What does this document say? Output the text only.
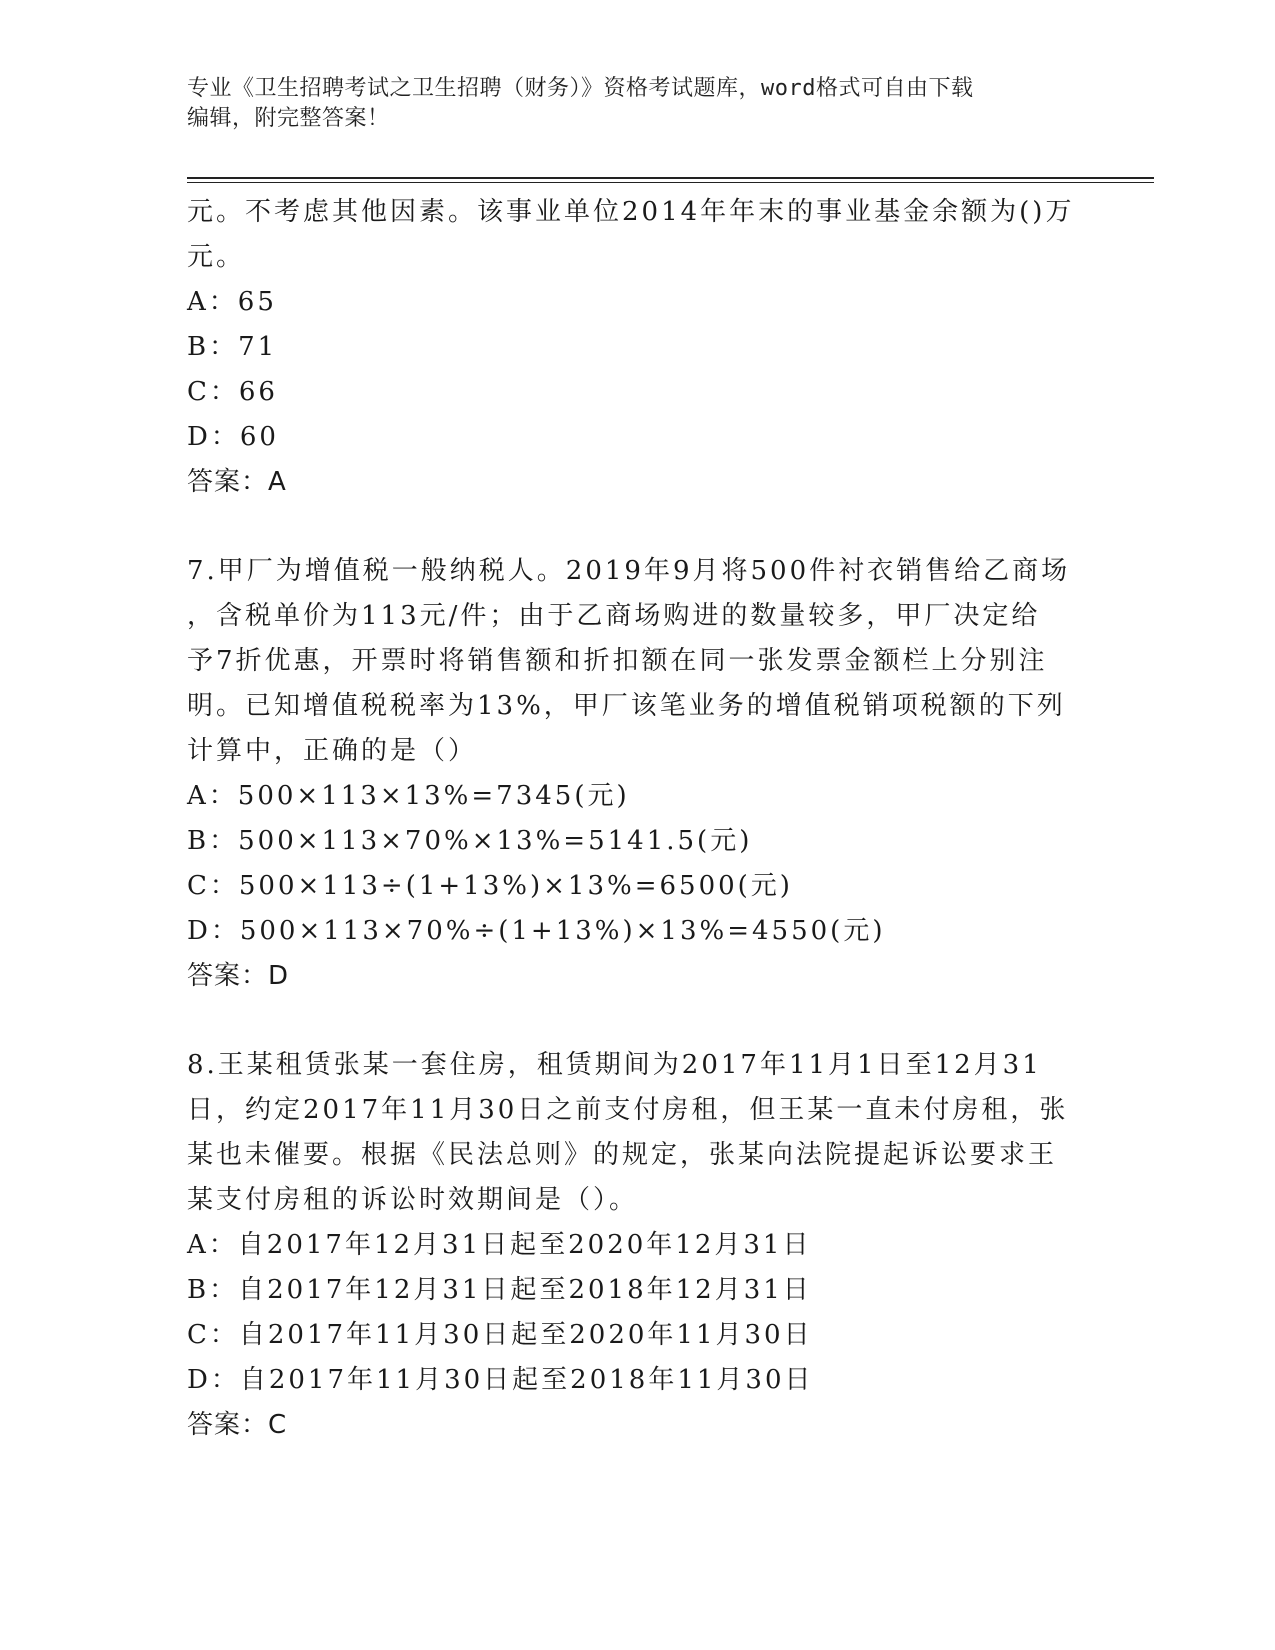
专业《卫生招聘考试之卫生招聘（财务）》资格考试题库，word格式可自由下载
编辑，附完整答案！
元。不考虑其他因素。该事业单位2014年年末的事业基金余额为()万
元。
A：65
B：71
C：66
D：60
答案：A
7.甲厂为增值税一般纳税人。2019年9月将500件衬衣销售给乙商场
，含税单价为113元/件；由于乙商场购进的数量较多，甲厂决定给
予7折优惠，开票时将销售额和折扣额在同一张发票金额栏上分别注
明。已知增值税税率为13%，甲厂该笔业务的增值税销项税额的下列
计算中，正确的是（）
A：500×113×13%=7345(元)
B：500×113×70%×13%=5141.5(元)
C：500×113÷(1+13%)×13%=6500(元)
D：500×113×70%÷(1+13%)×13%=4550(元)
答案：D
8.王某租赁张某一套住房，租赁期间为2017年11月1日至12月31
日，约定2017年11月30日之前支付房租，但王某一直未付房租，张
某也未催要。根据《民法总则》的规定，张某向法院提起诉讼要求王
某支付房租的诉讼时效期间是（）。
A：自2017年12月31日起至2020年12月31日
B：自2017年12月31日起至2018年12月31日
C：自2017年11月30日起至2020年11月30日
D：自2017年11月30日起至2018年11月30日
答案：C
